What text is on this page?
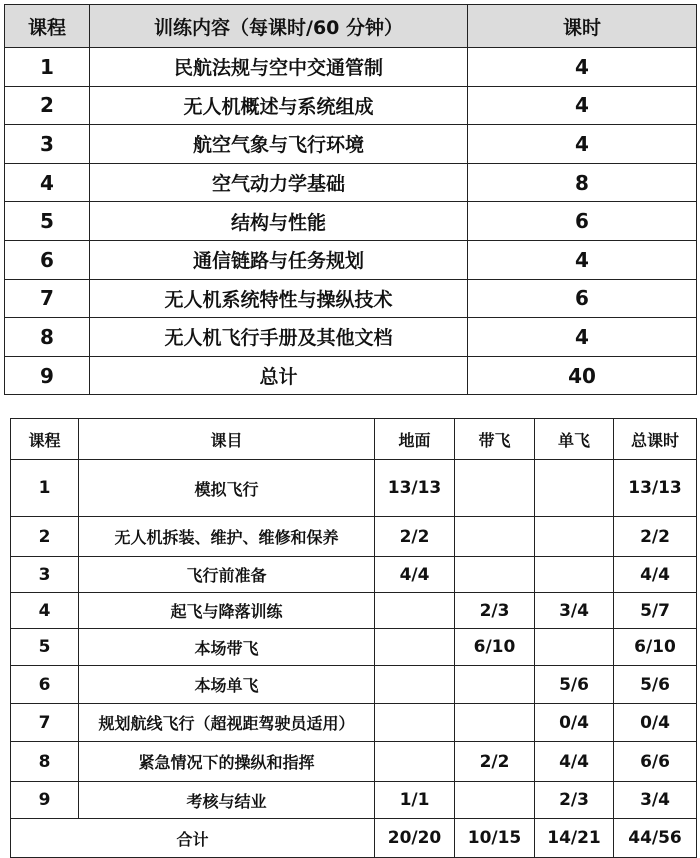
课程	训练内容（每课时/60 分钟）	课时
1	民航法规与空中交通管制	4
2	无人机概述与系统组成	4
3	航空气象与飞行环境	4
4	空气动力学基础	8
5	结构与性能	6
6	通信链路与任务规划	4
7	无人机系统特性与操纵技术	6
8	无人机飞行手册及其他文档	4
9	总计	40
课程	课目	地面	带飞	单飞	总课时
1	模拟飞行	13/13			13/13
2	无人机拆装、维护、维修和保养	2/2			2/2
3	飞行前准备	4/4			4/4
4	起飞与降落训练		2/3	3/4	5/7
5	本场带飞		6/10		6/10
6	本场单飞			5/6	5/6
7	规划航线飞行（超视距驾驶员适用）			0/4	0/4
8	紧急情况下的操纵和指挥		2/2	4/4	6/6
9	考核与结业	1/1		2/3	3/4
合计		20/20	10/15	14/21	44/56
